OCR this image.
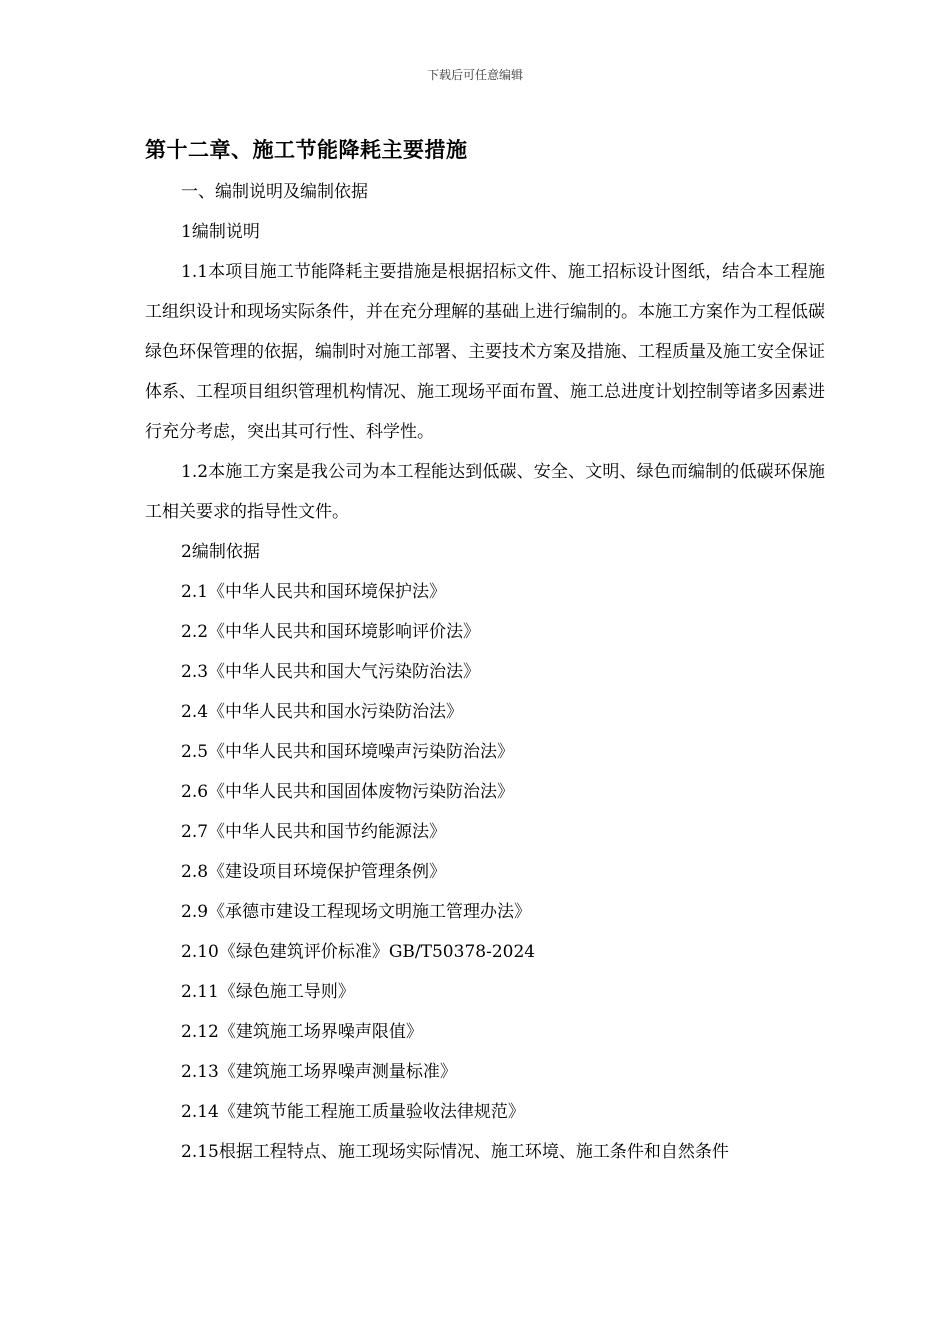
下载后可任意编辑
第十二章、施工节能降耗主要措施

一、编制说明及编制依据

1编制说明

1.1本项目施工节能降耗主要措施是根据招标文件、施工招标设计图纸，结合本工程施工组织设计和现场实际条件，并在充分理解的基础上进行编制的。本施工方案作为工程低碳绿色环保管理的依据，编制时对施工部署、主要技术方案及措施、工程质量及施工安全保证体系、工程项目组织管理机构情况、施工现场平面布置、施工总进度计划控制等诸多因素进行充分考虑，突出其可行性、科学性。

1.2本施工方案是我公司为本工程能达到低碳、安全、文明、绿色而编制的低碳环保施工相关要求的指导性文件。

2编制依据

2.1《中华人民共和国环境保护法》

2.2《中华人民共和国环境影响评价法》

2.3《中华人民共和国大气污染防治法》

2.4《中华人民共和国水污染防治法》

2.5《中华人民共和国环境噪声污染防治法》

2.6《中华人民共和国固体废物污染防治法》

2.7《中华人民共和国节约能源法》

2.8《建设项目环境保护管理条例》

2.9《承德市建设工程现场文明施工管理办法》

2.10《绿色建筑评价标准》GB/T50378-2024

2.11《绿色施工导则》

2.12《建筑施工场界噪声限值》

2.13《建筑施工场界噪声测量标准》

2.14《建筑节能工程施工质量验收法律规范》

2.15根据工程特点、施工现场实际情况、施工环境、施工条件和自然条件
